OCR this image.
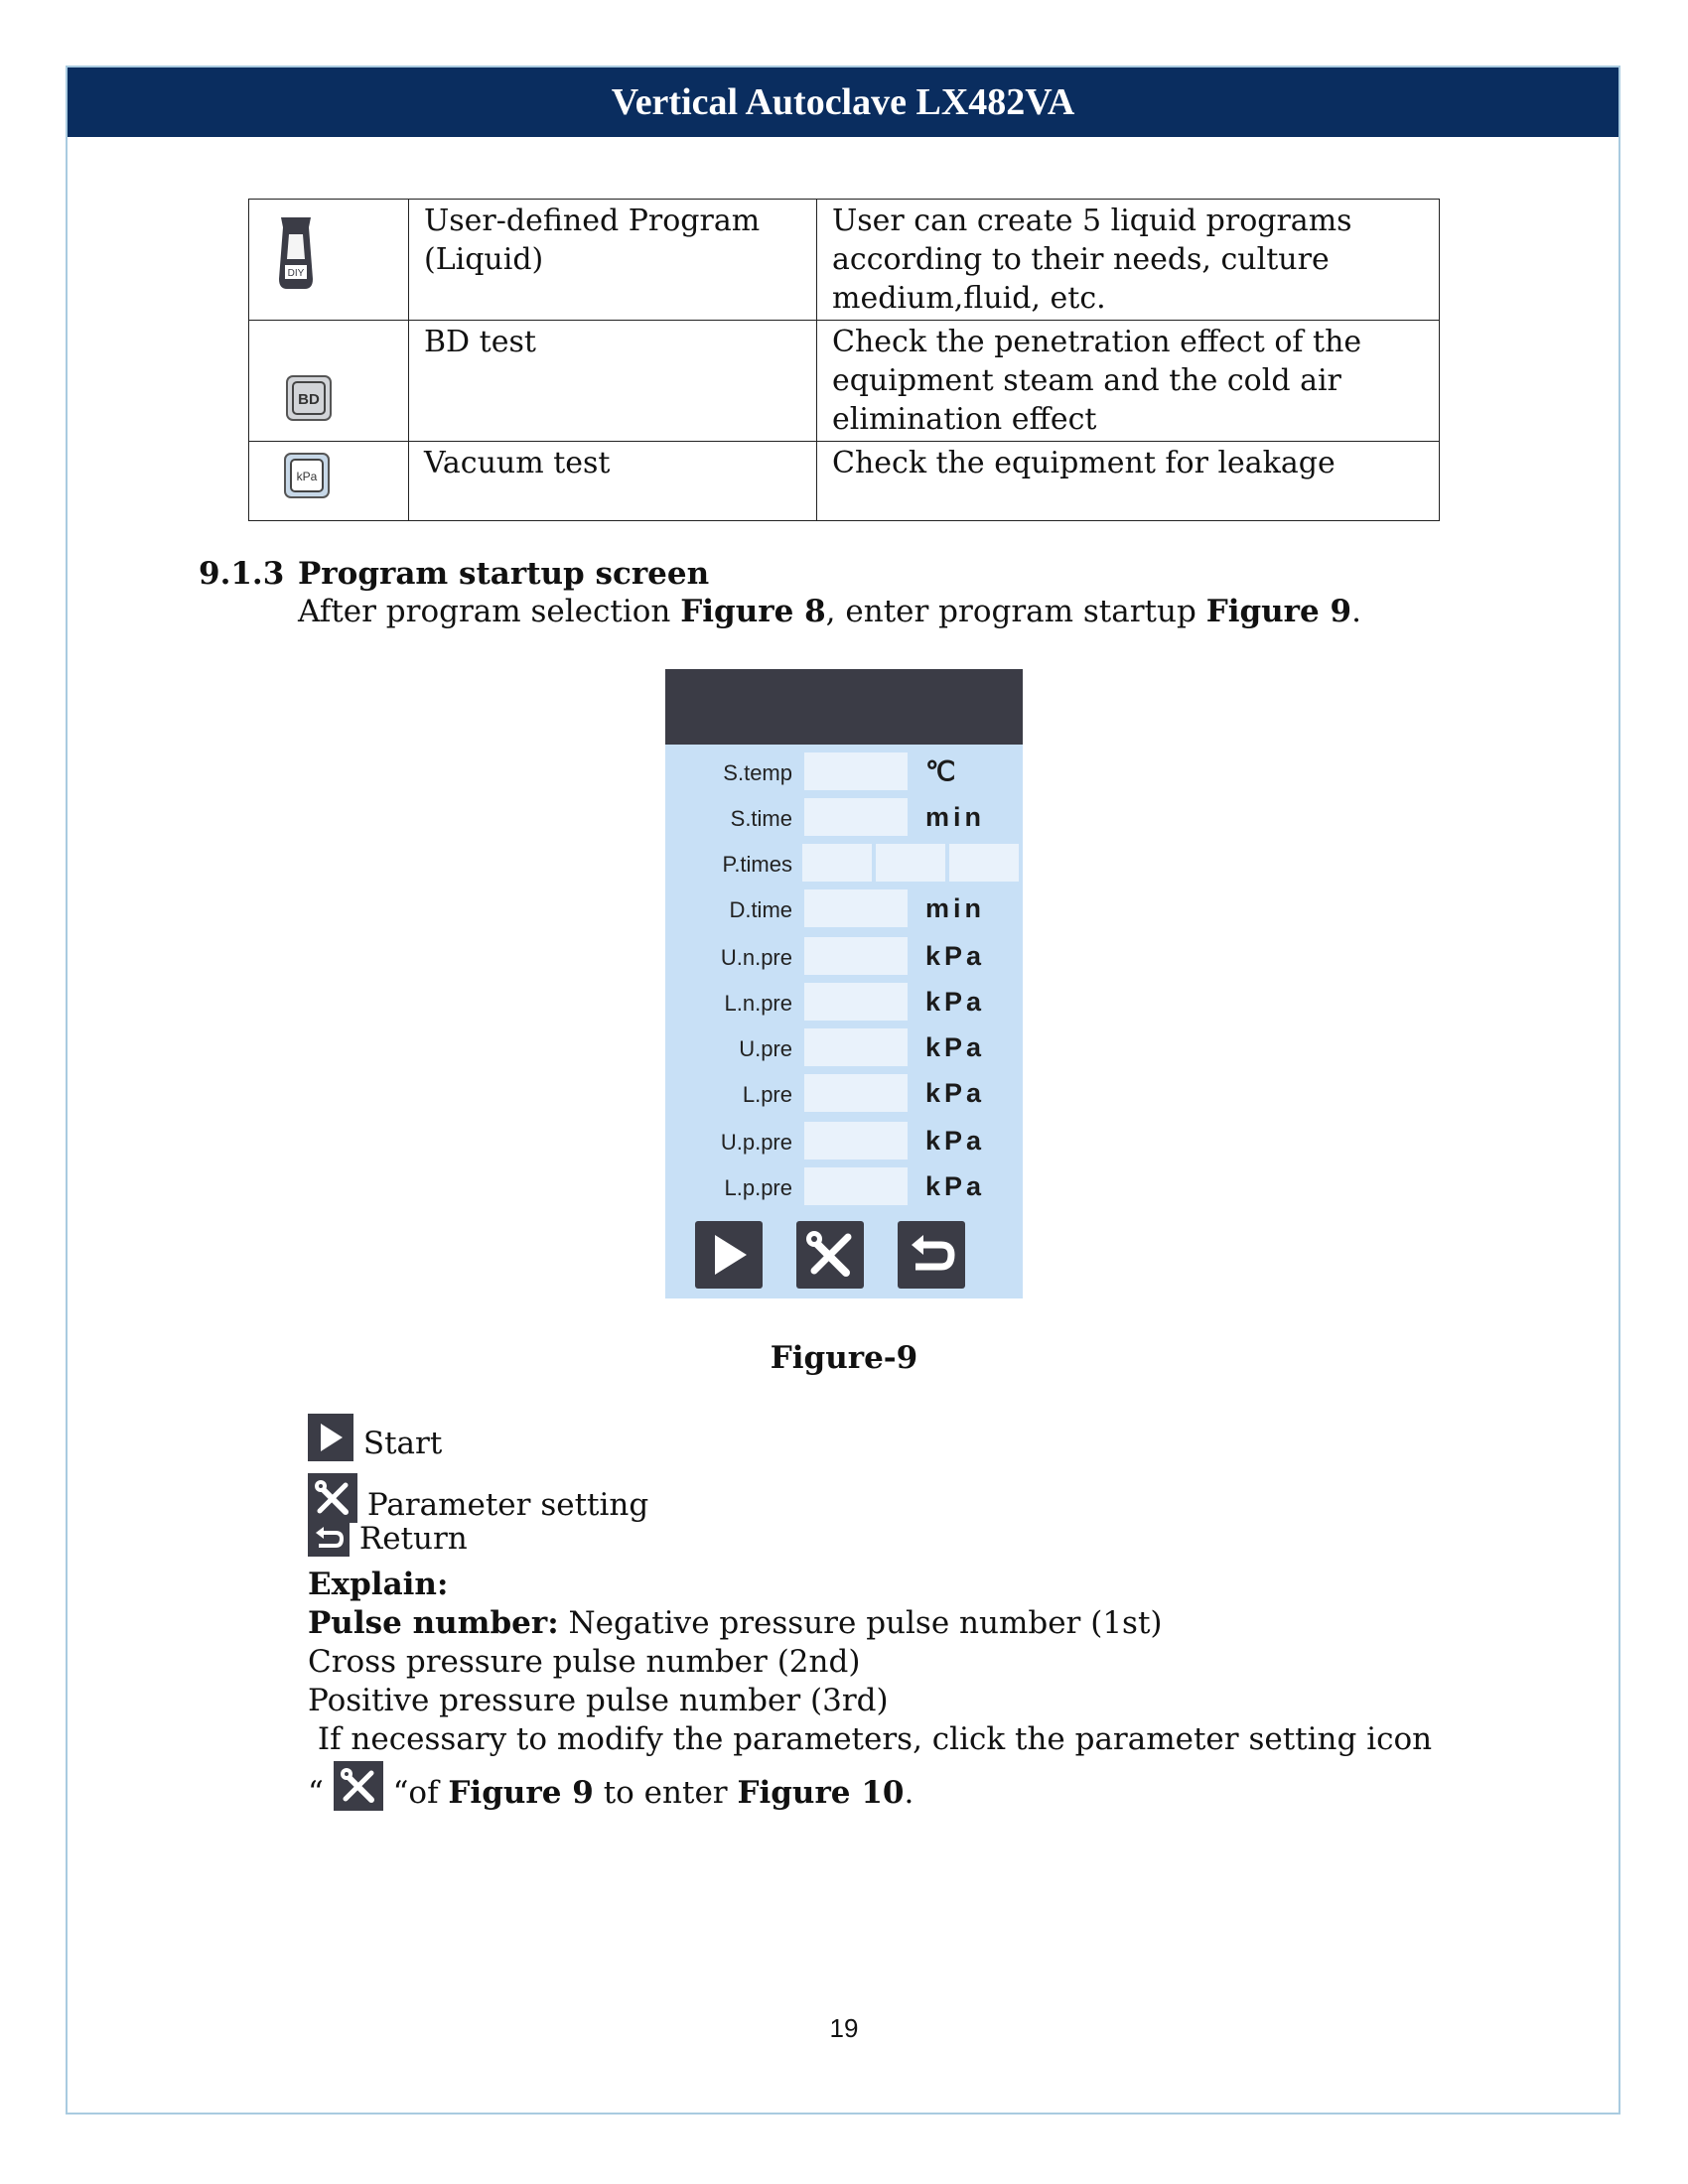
Vertical Autoclave LX482VA
DIY	User-defined Program (Liquid)	User can create 5 liquid programs according to their needs, culture medium,fluid, etc.

BD	BD test	Check the penetration effect of the equipment steam and the cold air elimination effect

kPa	Vacuum test	Check the equipment for leakage
9.1.3 Program startup screen
After program selection Figure 8, enter program startup Figure 9.
S.temp	℃
S.time	min
P.times
D.time	min
U.n.pre	kPa
L.n.pre	kPa
U.pre	kPa
L.pre	kPa
U.p.pre	kPa
L.p.pre	kPa
Figure-9
Start
Parameter setting
Return
Explain:
Pulse number: Negative pressure pulse number (1st)
Cross pressure pulse number (2nd)
Positive pressure pulse number (3rd)
If necessary to modify the parameters, click the parameter setting icon
“ “of Figure 9 to enter Figure 10.
19
